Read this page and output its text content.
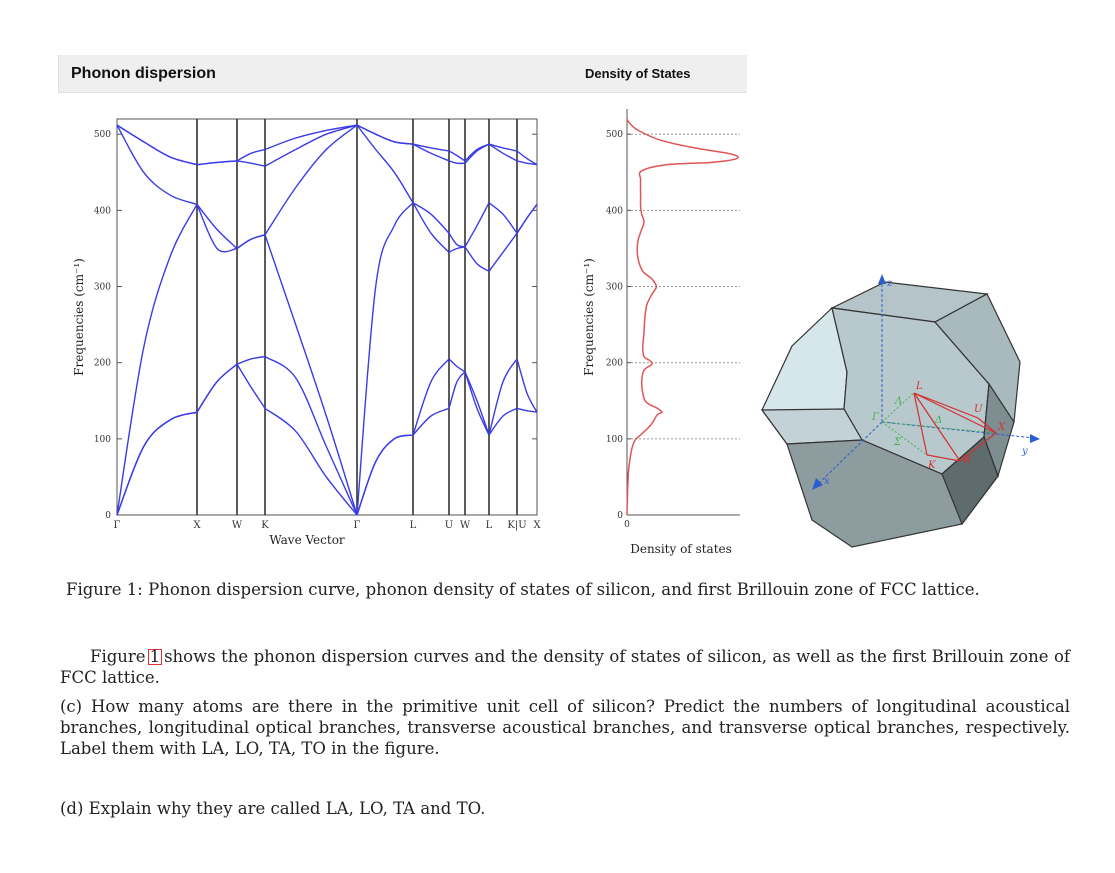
Phonon dispersion	Density of States
Γ	X	W K	Γ	L	U W L K|U X
0
100
200
300
400
500
Wave Vector
Frequencies (cm⁻¹)
0
100
200
300
400
500
0
Density of states
Frequencies (cm⁻¹)	z
y
x
Γ
Λ
Δ
Σ
L
U
X
K	W
Figure 1: Phonon dispersion curve, phonon density of states of silicon, and first Brillouin zone of FCC lattice.
Figure 1 shows the phonon dispersion curves and the density of states of silicon, as well as the first Brillouin zone of FCC lattice.
(c) How many atoms are there in the primitive unit cell of silicon? Predict the numbers of longitudinal acoustical branches, longitudinal optical branches, transverse acoustical branches, and transverse optical branches, respectively. Label them with LA, LO, TA, TO in the figure.
(d) Explain why they are called LA, LO, TA and TO.
